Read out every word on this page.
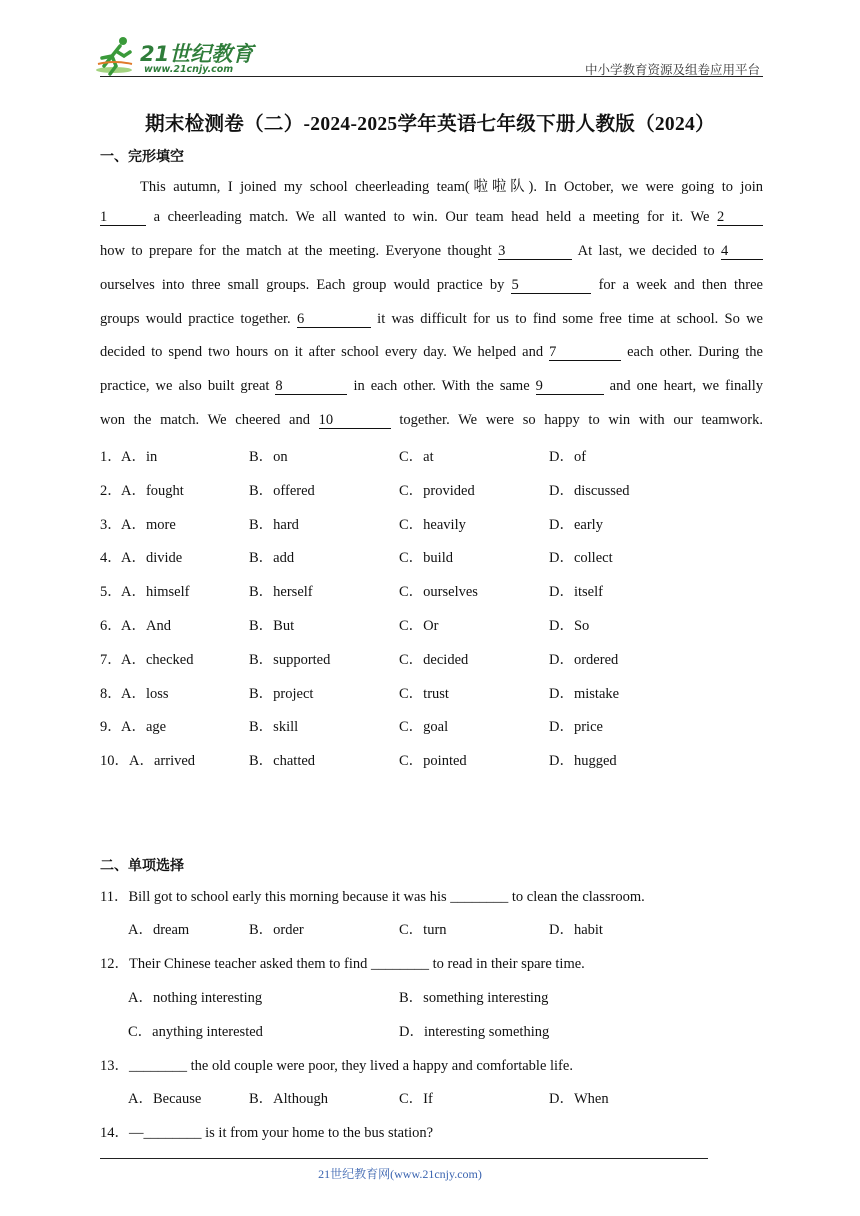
21世纪教育
www.21cnjy.com	中小学教育资源及组卷应用平台
期末检测卷（二）-2024-2025学年英语七年级下册人教版（2024）
一、完形填空
This autumn, I joined my school cheerleading team(啦啦队). In October, we were going to join
1	a cheerleading match. We all wanted to win. Our team head held a meeting for it. We 2
how to prepare for the match at the meeting. Everyone thought 3	At last, we decided to 4
ourselves into three small groups. Each group would practice by 5	for a week and then three
groups would practice together. 6	it was difficult for us to find some free time at school. So we
decided to spend two hours on it after school every day. We helped and 7	each other. During the
practice, we also built great 8	in each other. With the same 9	and one heart, we finally
won the match. We cheered and 10	together. We were so happy to win with our teamwork.
1． A．in	B．on	C．at	D．of
2． A．fought	B．offered	C．provided	D．discussed
3． A．more	B．hard	C．heavily	D．early
4． A．divide	B．add	C．build	D．collect
5． A．himself	B．herself	C．ourselves	D．itself
6． A．And	B．But	C．Or	D．So
7． A．checked	B．supported	C．decided	D．ordered
8． A．loss	B．project	C．trust	D．mistake
9． A．age	B．skill	C．goal	D．price
10． A．arrived	B．chatted	C．pointed	D．hugged
二、单项选择
11．Bill got to school early this morning because it was his ________ to clean the classroom.
A．dream	B．order	C．turn	D．habit
12．Their Chinese teacher asked them to find ________ to read in their spare time.
A．nothing interesting	B．something interesting
C．anything interested	D．interesting something
13．________ the old couple were poor, they lived a happy and comfortable life.
A．Because	B．Although	C．If	D．When
14．—________ is it from your home to the bus station?
21世纪教育网(www.21cnjy.com)
